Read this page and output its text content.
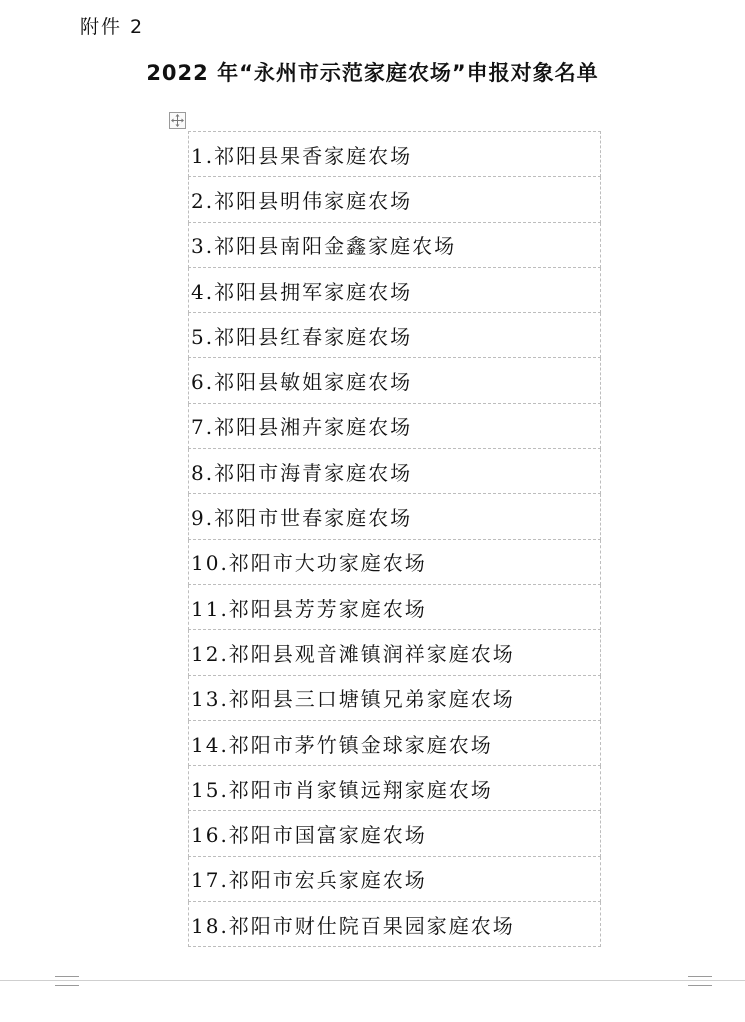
附件 2
2022 年“永州市示范家庭农场”申报对象名单
1.祁阳县果香家庭农场
2.祁阳县明伟家庭农场
3.祁阳县南阳金鑫家庭农场
4.祁阳县拥军家庭农场
5.祁阳县红春家庭农场
6.祁阳县敏姐家庭农场
7.祁阳县湘卉家庭农场
8.祁阳市海青家庭农场
9.祁阳市世春家庭农场
10.祁阳市大功家庭农场
11.祁阳县芳芳家庭农场
12.祁阳县观音滩镇润祥家庭农场
13.祁阳县三口塘镇兄弟家庭农场
14.祁阳市茅竹镇金球家庭农场
15.祁阳市肖家镇远翔家庭农场
16.祁阳市国富家庭农场
17.祁阳市宏兵家庭农场
18.祁阳市财仕院百果园家庭农场
